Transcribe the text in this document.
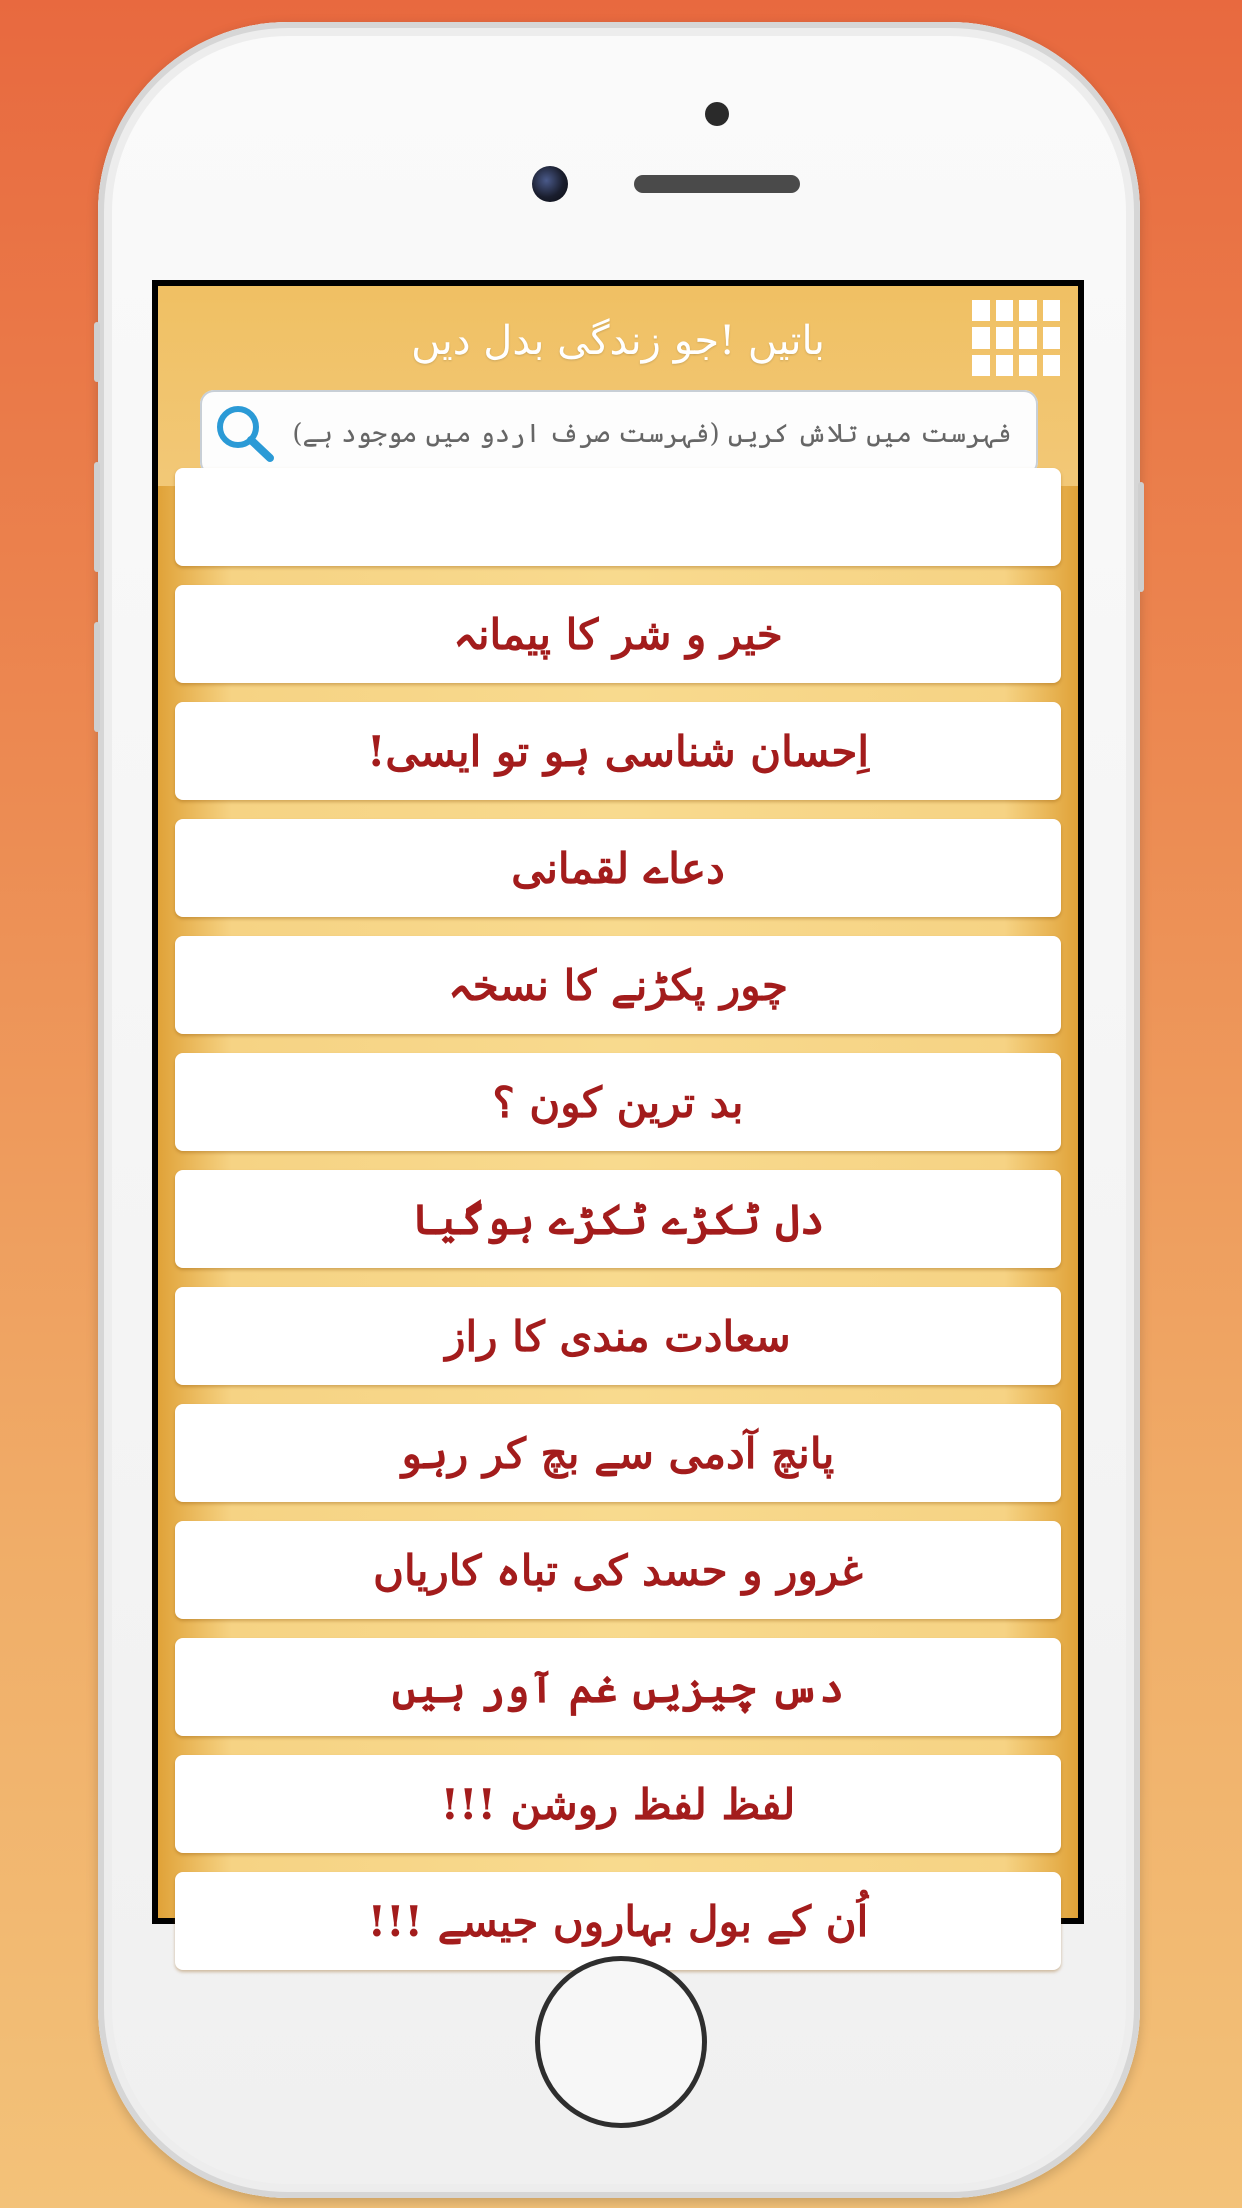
باتیں !جو زندگی بدل دیں
فہرست میں تلاش کریں (فہرست صرف اردو میں موجود ہے)
خیر و شر کا پیمانہ
اِحسان شناسی ہو تو ایسی!
دعاے لقمانی
چور پکڑنے کا نسخہ
بد ترین کون ؟
دل ٹکڑے ٹکڑے ہوگیا
سعادت مندی کا راز
پانچ آدمی سے بچ کر رہو
غرور و حسد کی تباہ کاریاں
دس چیزیں غم آور ہیں
لفظ لفظ روشن !!!
اُن کے بول بہاروں جیسے !!!
